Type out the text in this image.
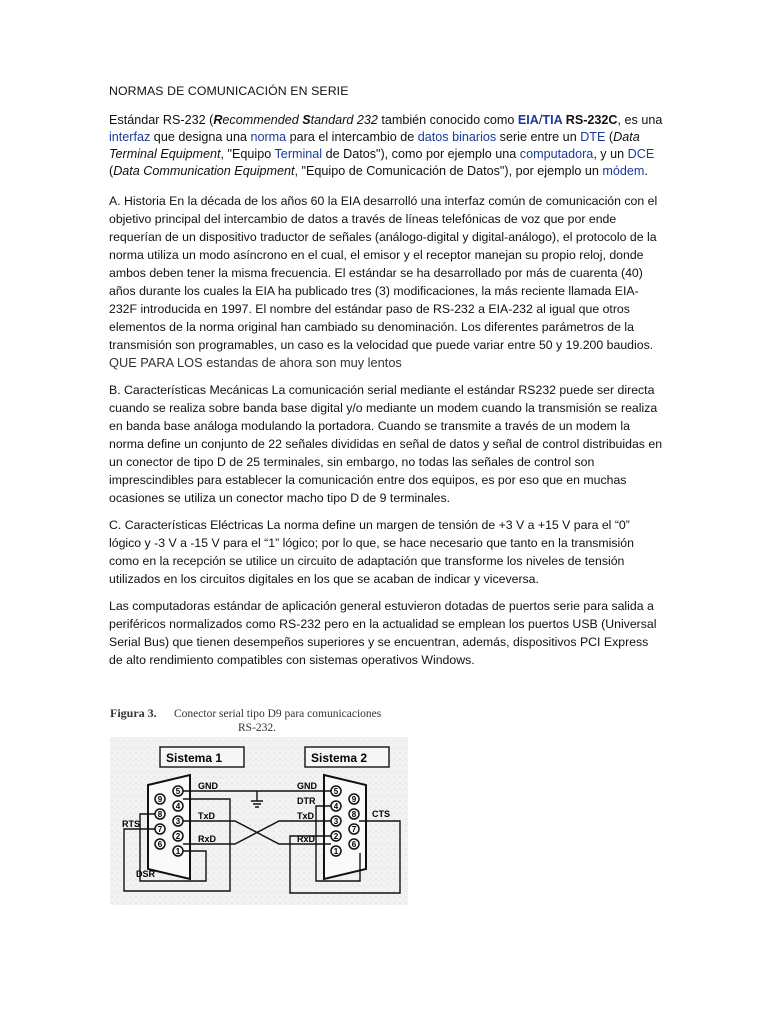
NORMAS DE COMUNICACIÓN EN SERIE
Estándar RS-232 (Recommended Standard 232 también conocido como EIA/TIA RS-232C, es una interfaz que designa una norma para el intercambio de datos binarios serie entre un DTE (Data Terminal Equipment, "Equipo Terminal de Datos"), como por ejemplo una computadora, y un DCE (Data Communication Equipment, "Equipo de Comunicación de Datos"), por ejemplo un módem.
A. Historia En la década de los años 60 la EIA desarrolló una interfaz común de comunicación con el objetivo principal del intercambio de datos a través de líneas telefónicas de voz que por ende requerían de un dispositivo traductor de señales (análogo-digital y digital-análogo), el protocolo de la norma utiliza un modo asíncrono en el cual, el emisor y el receptor manejan su propio reloj, donde ambos deben tener la misma frecuencia. El estándar se ha desarrollado por más de cuarenta (40) años durante los cuales la EIA ha publicado tres (3) modificaciones, la más reciente llamada EIA-232F introducida en 1997. El nombre del estándar paso de RS-232 a EIA-232 al igual que otros elementos de la norma original han cambiado su denominación. Los diferentes parámetros de la transmisión son programables, un caso es la velocidad que puede variar entre 50 y 19.200 baudios. QUE PARA LOS estandas de ahora son muy lentos
B. Características Mecánicas La comunicación serial mediante el estándar RS232 puede ser directa cuando se realiza sobre banda base digital y/o mediante un modem cuando la transmisión se realiza en banda base análoga modulando la portadora. Cuando se transmite a través de un modem la norma define un conjunto de 22 señales divididas en señal de datos y señal de control distribuidas en un conector de tipo D de 25 terminales, sin embargo, no todas las señales de control son imprescindibles para establecer la comunicación entre dos equipos, es por eso que en muchas ocasiones se utiliza un conector macho tipo D de 9 terminales.
C. Características Eléctricas La norma define un margen de tensión de +3 V a +15 V para el “0” lógico y -3 V a -15 V para el “1” lógico; por lo que, se hace necesario que tanto en la transmisión como en la recepción se utilice un circuito de adaptación que transforme los niveles de tensión utilizados en los circuitos digitales en los que se acaban de indicar y viceversa.
Las computadoras estándar de aplicación general estuvieron dotadas de puertos serie para salida a periféricos normalizados como RS-232 pero en la actualidad se emplean los puertos USB (Universal Serial Bus) que tienen desempeños superiores y se encuentran, además, dispositivos PCI Express de alto rendimiento compatibles con sistemas operativos Windows.
Figura 3. Conector serial tipo D9 para comunicaciones
RS-232.
Sistema 1	Sistema 2
5
4
3
2
1
9
8
7
6
5
4
3
2
1
9
8
7
6
GND
TxD
RxD
RTS
DSR
GND
DTR
TxD
RxD
CTS
